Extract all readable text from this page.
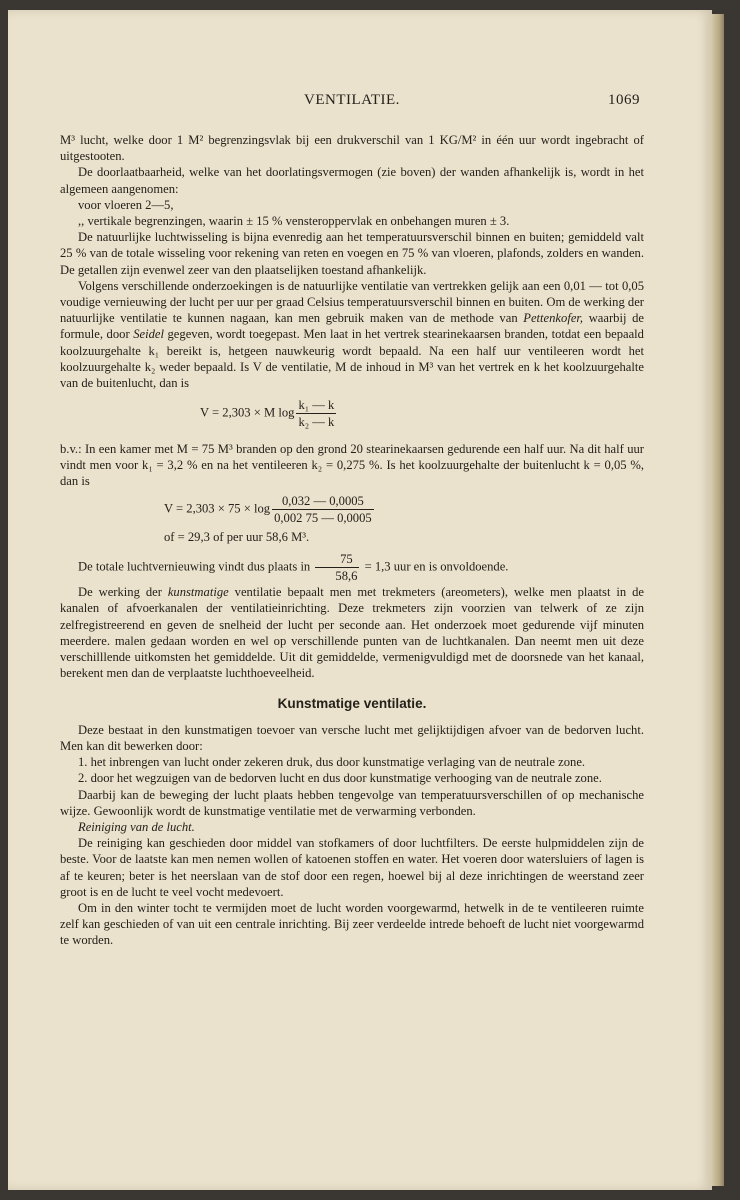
VENTILATIE.	1069

M³ lucht, welke door 1 M² begrenzingsvlak bij een drukverschil van 1 KG/M² in één uur wordt ingebracht of uitgestooten.

De doorlaatbaarheid, welke van het doorlatingsvermogen (zie boven) der wanden afhankelijk is, wordt in het algemeen aangenomen:

voor vloeren 2—5,

,, vertikale begrenzingen, waarin ± 15 % vensteroppervlak en onbehangen muren ± 3.

De natuurlijke luchtwisseling is bijna evenredig aan het temperatuursverschil binnen en buiten; gemiddeld valt 25 % van de totale wisseling voor rekening van reten en voegen en 75 % van vloeren, plafonds, zolders en wanden. De getallen zijn evenwel zeer van den plaatselijken toestand afhankelijk.

Volgens verschillende onderzoekingen is de natuurlijke ventilatie van vertrekken gelijk aan een 0,01 — tot 0,05 voudige vernieuwing der lucht per uur per graad Celsius temperatuursverschil binnen en buiten. Om de werking der natuurlijke ventilatie te kunnen nagaan, kan men gebruik maken van de methode van Pettenkofer, waarbij de formule, door Seidel gegeven, wordt toegepast. Men laat in het vertrek stearinekaarsen branden, totdat een bepaald koolzuurgehalte k₁ bereikt is, hetgeen nauwkeurig wordt bepaald. Na een half uur ventileeren wordt het koolzuurgehalte k₂ weder bepaald. Is V de ventilatie, M de inhoud in M³ van het vertrek en k het koolzuurgehalte van de buitenlucht, dan is

V = 2,303 × M $\log \frac{\text{k₁ — k}}{\text{k₂ — k}}$

b.v.: In een kamer met M = 75 M³ branden op den grond 20 stearinekaarsen gedurende een half uur. Na dit half uur vindt men voor k₁ = 3,2 % en na het ventileeren k₂ = 0,275 %. Is het koolzuurgehalte der buitenlucht k = 0,05 %, dan is

$V = 2,303 \times 75 \times \log \frac{0,032 — 0,0005}{0,002 75 — 0,0005}$

of = 29,3 of per uur 58,6 M³.

De totale luchtvernieuwing vindt dus plaats in $\frac{75}{58,6} = 1,3$ uur en is onvoldoende.

De werking der kunstmatige ventilatie bepaalt men met trekmeters (areometers), welke men plaatst in de kanalen of afvoerkanalen der ventilatieinrichting. Deze trekmeters zijn voorzien van telwerk of ze zijn zelfregistreerend en geven de snelheid der lucht per seconde aan. Het onderzoek moet gedurende vijf minuten meerdere. malen gedaan worden en wel op verschillende punten van de luchtkanalen. Dan neemt men uit deze verschilllende uitkomsten het gemiddelde. Uit dit gemiddelde, vermenigvuldigd met de doorsnede van het kanaal, berekent men dan de verplaatste luchthoeveelheid.

Kunstmatige ventilatie.

Deze bestaat in den kunstmatigen toevoer van versche lucht met gelijktijdigen afvoer van de bedorven lucht. Men kan dit bewerken door:

1. het inbrengen van lucht onder zekeren druk, dus door kunstmatige verlaging van de neutrale zone.

2. door het wegzuigen van de bedorven lucht en dus door kunstmatige verhooging van de neutrale zone.

Daarbij kan de beweging der lucht plaats hebben tengevolge van temperatuursverschillen of op mechanische wijze. Gewoonlijk wordt de kunstmatige ventilatie met de verwarming verbonden.

Reiniging van de lucht.

De reiniging kan geschieden door middel van stofkamers of door luchtfilters. De eerste hulpmiddelen zijn de beste. Voor de laatste kan men nemen wollen of katoenen stoffen en water. Het voeren door watersluiers of lagen is af te keuren; beter is het neerslaan van de stof door een regen, hoewel bij al deze inrichtingen de weerstand zeer groot is en de lucht te veel vocht medevoert.

Om in den winter tocht te vermijden moet de lucht worden voorgewarmd, hetwelk in de te ventileeren ruimte zelf kan geschieden of van uit een centrale inrichting. Bij zeer verdeelde intrede behoeft de lucht niet voorgewarmd te worden.
